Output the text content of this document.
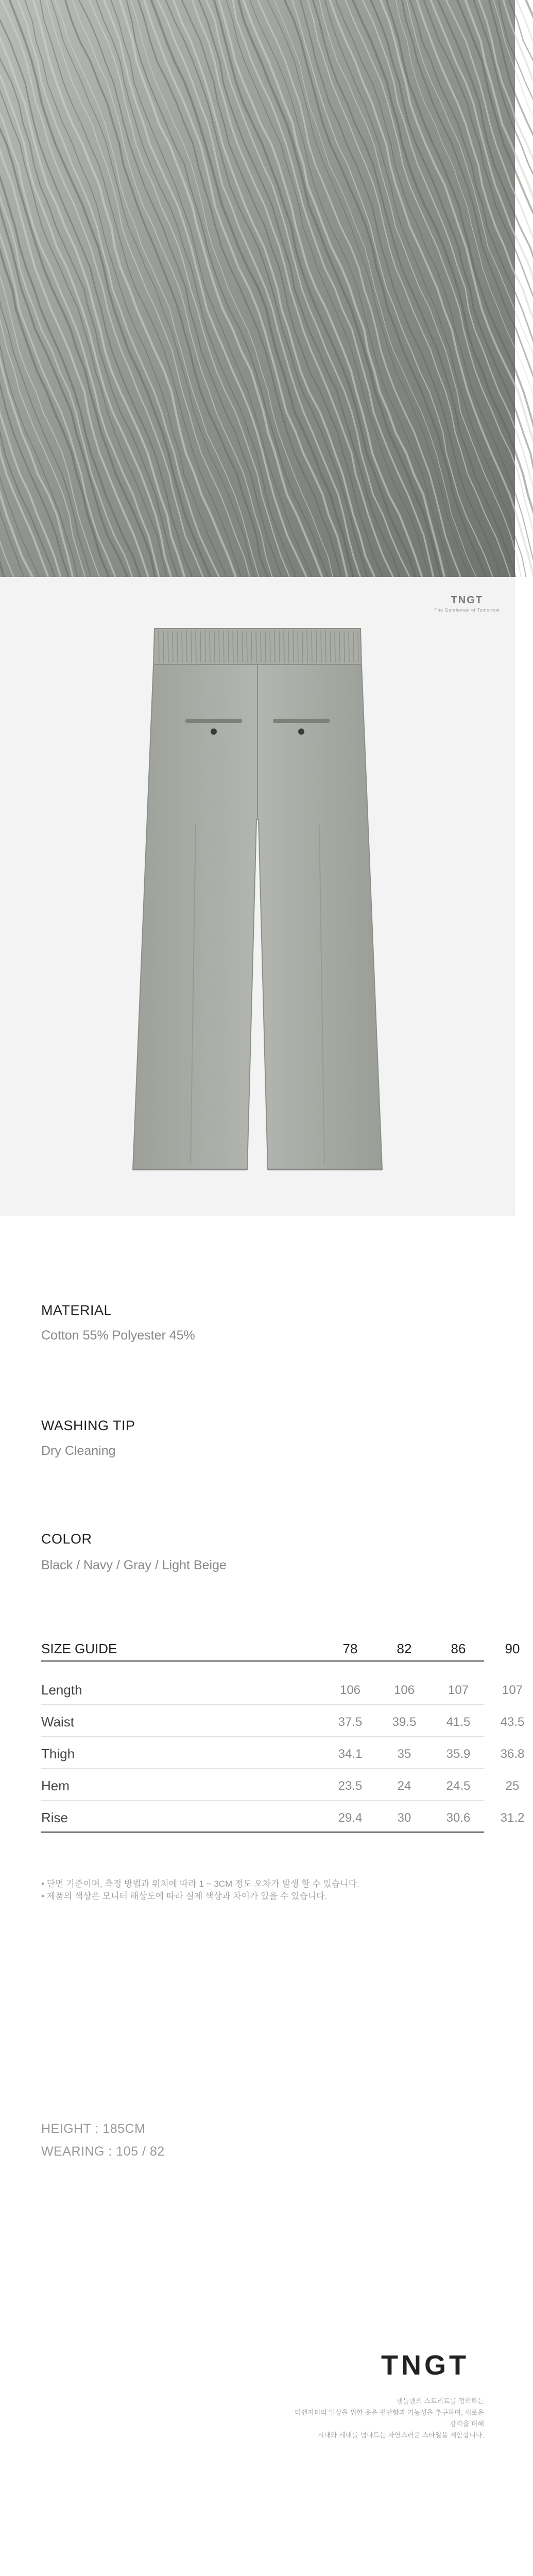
TNGT
The Gentleman of Tomorrow
MATERIAL
Cotton 55% Polyester 45%
WASHING TIP
Dry Cleaning
COLOR
Black / Navy / Gray / Light Beige
SIZE GUIDE	78	82	86	90
Length	106	106	107	107
Waist	37.5	39.5	41.5	43.5
Thigh	34.1	35	35.9	36.8
Hem	23.5	24	24.5	25
Rise	29.4	30	30.6	31.2
• 단면 기준이며, 측정 방법과 위치에 따라 1 ~ 3CM 정도 오차가 발생 할 수 있습니다.
• 제품의 색상은 모니터 해상도에 따라 실제 색상과 차이가 있을 수 있습니다.
HEIGHT : 185CM
WEARING : 105 / 82
TNGT
젠틀맨의 스트리트를 정의하는
티엔지티의 일상을 위한 옷은 편안함과 기능성을 추구하며, 새로운 감각을 더해
시대와 세대를 넘나드는 자연스러운 스타일을 제안합니다.
